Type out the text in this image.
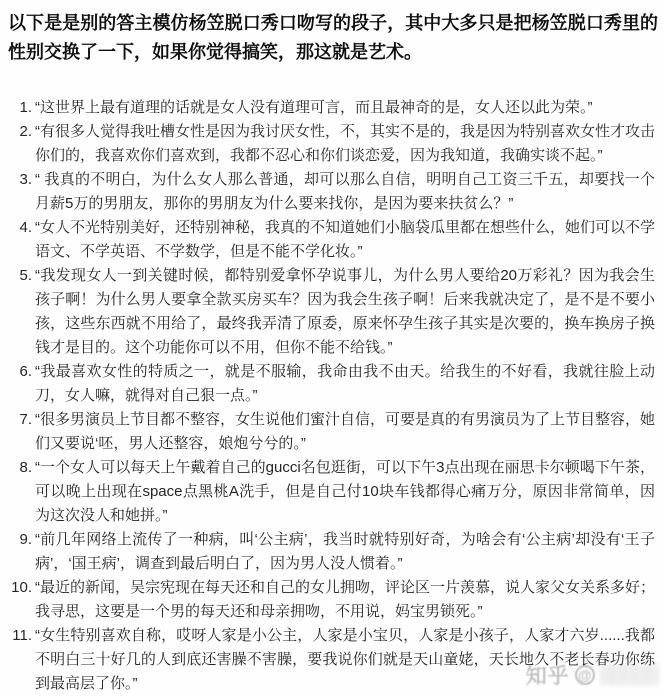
以下是是别的答主模仿杨笠脱口秀口吻写的段子，其中大多只是把杨笠脱口秀里的性别交换了一下，如果你觉得搞笑，那这就是艺术。
1. “这世界上最有道理的话就是女人没有道理可言，而且最神奇的是，女人还以此为荣。”
2. “有很多人觉得我吐槽女性是因为我讨厌女性，不，其实不是的，我是因为特别喜欢女性才攻击你们的，我喜欢你们喜欢到，我都不忍心和你们谈恋爱，因为我知道，我确实谈不起。”
3. “ 我真的不明白，为什么女人那么普通，却可以那么自信，明明自己工资三千五，却要找一个月薪5万的男朋友，那你的男朋友为什么要来找你，是因为要来扶贫么？”
4. “女人不光特别美好，还特别神秘，我真的不知道她们小脑袋瓜里都在想些什么，她们可以不学语文、不学英语、不学数学，但是不能不学化妆。”
5. “我发现女人一到关键时候，都特别爱拿怀孕说事儿，为什么男人要给20万彩礼？因为我会生孩子啊！为什么男人要拿全款买房买车？因为我会生孩子啊！后来我就决定了，是不是不要小孩，这些东西就不用给了，最终我弄清了原委，原来怀孕生孩子其实是次要的，换车换房子换钱才是目的。这个功能你可以不用，但你不能不给钱。”
6. “我最喜欢女性的特质之一，就是不服输，我命由我不由天。给我生的不好看，我就往脸上动刀，女人嘛，就得对自己狠一点。”
7. “很多男演员上节目都不整容，女生说他们蜜汁自信，可要是真的有男演员为了上节目整容，她们又要说‘呸，男人还整容，娘炮兮兮的。”
8. “一个女人可以每天上午戴着自己的gucci名包逛街，可以下午3点出现在丽思卡尔顿喝下午茶，可以晚上出现在space点黑桃A洗手，但是自己付10块车钱都得心痛万分，原因非常简单，因为这次没人和她拼。”
9. “前几年网络上流传了一种病，叫‘公主病’，我当时就特别好奇，为啥会有‘公主病’却没有‘王子病’，‘国王病’，调查到最后明白了，因为男人没人惯着。”
10. “最近的新闻，吴宗宪现在每天还和自己的女儿拥吻，评论区一片羡慕，说人家父女关系多好；我寻思，这要是一个男的每天还和母亲拥吻，不用说，妈宝男锁死。”
11. “女生特别喜欢自称，哎呀人家是小公主，人家是小宝贝，人家是小孩子，人家才六岁......我都不明白三十好几的人到底还害臊不害臊，要我说你们就是天山童姥，天长地久不老长春功你练到最高层了你。”	知乎 @ ▒▒▒▒▒
